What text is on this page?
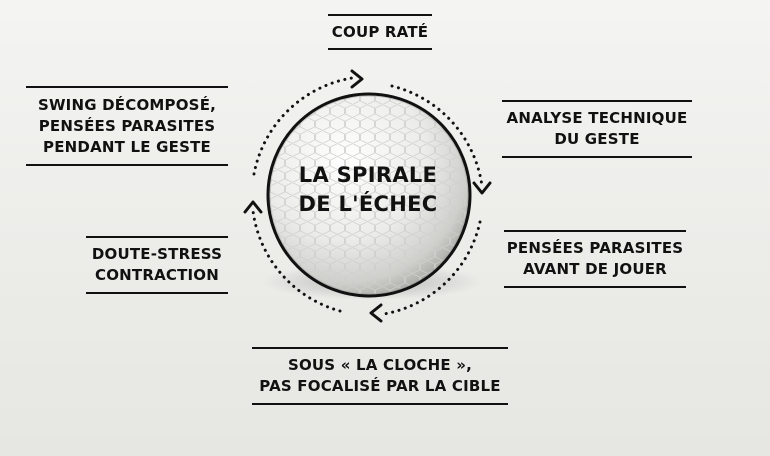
LA SPIRALE
DE L'ÉCHEC
COUP RATÉ
ANALYSE TECHNIQUE
DU GESTE
PENSÉES PARASITES
AVANT DE JOUER
SOUS « LA CLOCHE »,
PAS FOCALISÉ PAR LA CIBLE
DOUTE-STRESS
CONTRACTION
SWING DÉCOMPOSÉ,
PENSÉES PARASITES
PENDANT LE GESTE
